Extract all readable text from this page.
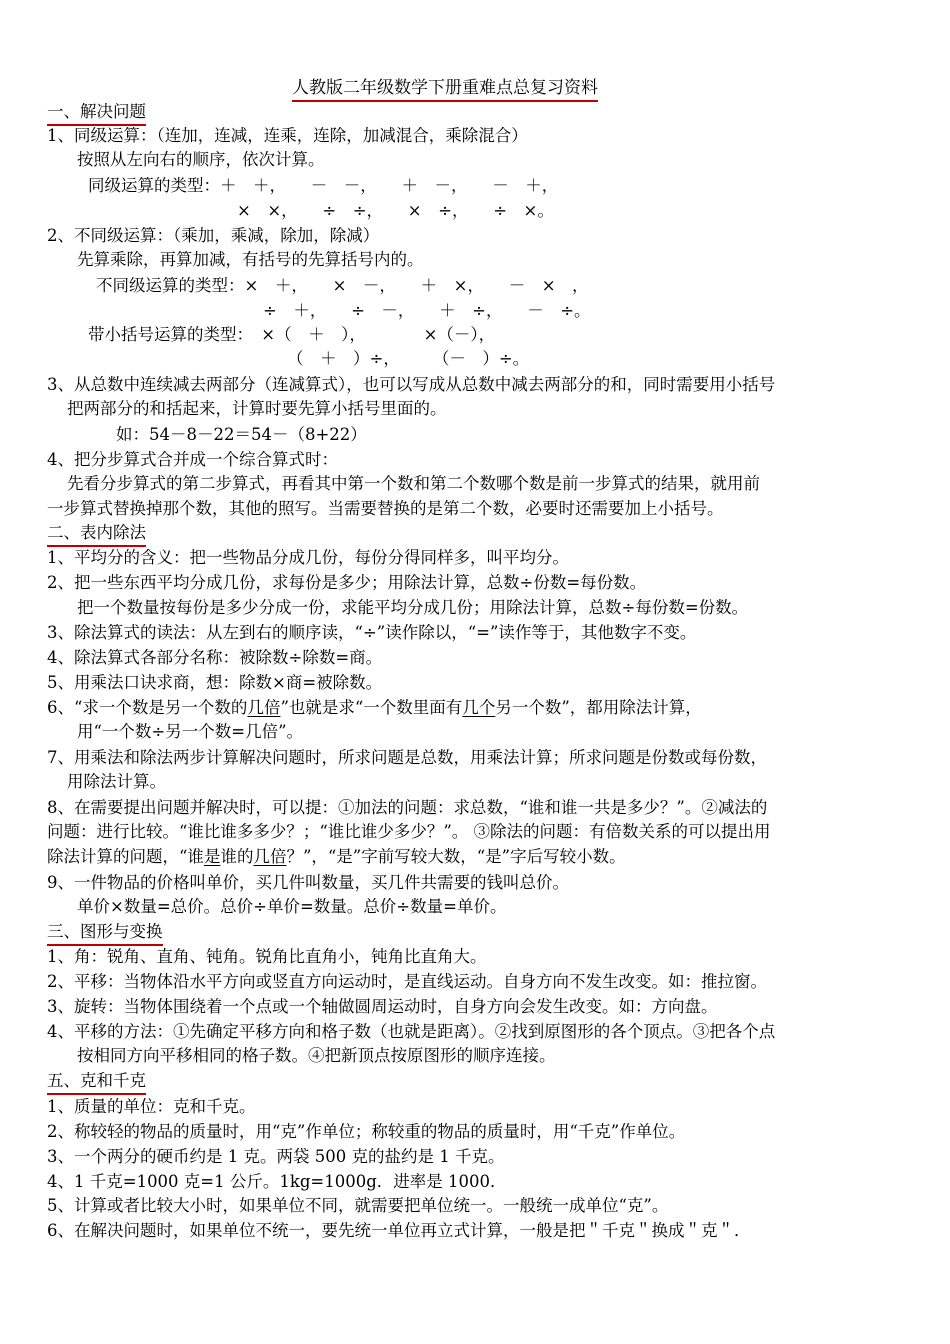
人教版二年级数学下册重难点总复习资料
一、解决问题
1、同级运算：（连加，连减，连乘，连除，加减混合，乘除混合）
按照从左向右的顺序，依次计算。
同级运算的类型：＋　＋，　　－　－，　　＋　－，　　－　＋，
×　×，　　÷　÷，　　×　÷，　　÷　×。
2、不同级运算：（乘加，乘减，除加，除减）
先算乘除，再算加减，有括号的先算括号内的。
不同级运算的类型：×　＋，　　×　－，　　＋　×，　　－　×　，
÷　＋，　　÷　－，　　＋　÷，　　－　÷。
带小括号运算的类型：　×（　＋　），　　　　×（－），
（　＋　）÷，　　　（－　）÷。
3、从总数中连续减去两部分（连减算式），也可以写成从总数中减去两部分的和，同时需要用小括号
把两部分的和括起来，计算时要先算小括号里面的。
如：54－8－22＝54－（8+22）
4、把分步算式合并成一个综合算式时：
先看分步算式的第二步算式，再看其中第一个数和第二个数哪个数是前一步算式的结果，就用前
一步算式替换掉那个数，其他的照写。当需要替换的是第二个数，必要时还需要加上小括号。
二、表内除法
1、平均分的含义：把一些物品分成几份，每份分得同样多，叫平均分。
2、把一些东西平均分成几份，求每份是多少；用除法计算，总数÷份数=每份数。
把一个数量按每份是多少分成一份，求能平均分成几份；用除法计算，总数÷每份数=份数。
3、除法算式的读法：从左到右的顺序读，“÷”读作除以，“=”读作等于，其他数字不变。
4、除法算式各部分名称：被除数÷除数=商。
5、用乘法口诀求商，想：除数×商=被除数。
6、“求一个数是另一个数的几倍”也就是求“一个数里面有几个另一个数”，都用除法计算，
用“一个数÷另一个数=几倍”。
7、用乘法和除法两步计算解决问题时，所求问题是总数，用乘法计算；所求问题是份数或每份数，
用除法计算。
8、在需要提出问题并解决时，可以提：①加法的问题：求总数，“谁和谁一共是多少？”。②减法的
问题：进行比较。“谁比谁多多少？；“谁比谁少多少？”。 ③除法的问题：有倍数关系的可以提出用
除法计算的问题，“谁是谁的几倍？”，“是”字前写较大数，“是”字后写较小数。
9、一件物品的价格叫单价，买几件叫数量，买几件共需要的钱叫总价。
单价×数量=总价。总价÷单价=数量。总价÷数量=单价。
三、图形与变换
1、角：锐角、直角、钝角。锐角比直角小，钝角比直角大。
2、平移：当物体沿水平方向或竖直方向运动时，是直线运动。自身方向不发生改变。如：推拉窗。
3、旋转：当物体围绕着一个点或一个轴做圆周运动时，自身方向会发生改变。如：方向盘。
4、平移的方法：①先确定平移方向和格子数（也就是距离）。②找到原图形的各个顶点。③把各个点
按相同方向平移相同的格子数。④把新顶点按原图形的顺序连接。
五、克和千克
1、质量的单位：克和千克。
2、称较轻的物品的质量时，用“克”作单位；称较重的物品的质量时，用“千克”作单位。
3、一个两分的硬币约是 1 克。两袋 500 克的盐约是 1 千克。
4、1 千克=1000 克=1 公斤。1kg=1000g．进率是 1000．
5、计算或者比较大小时，如果单位不同，就需要把单位统一。一般统一成单位“克”。
6、在解决问题时，如果单位不统一，要先统一单位再立式计算，一般是把＂千克＂换成＂克＂．
